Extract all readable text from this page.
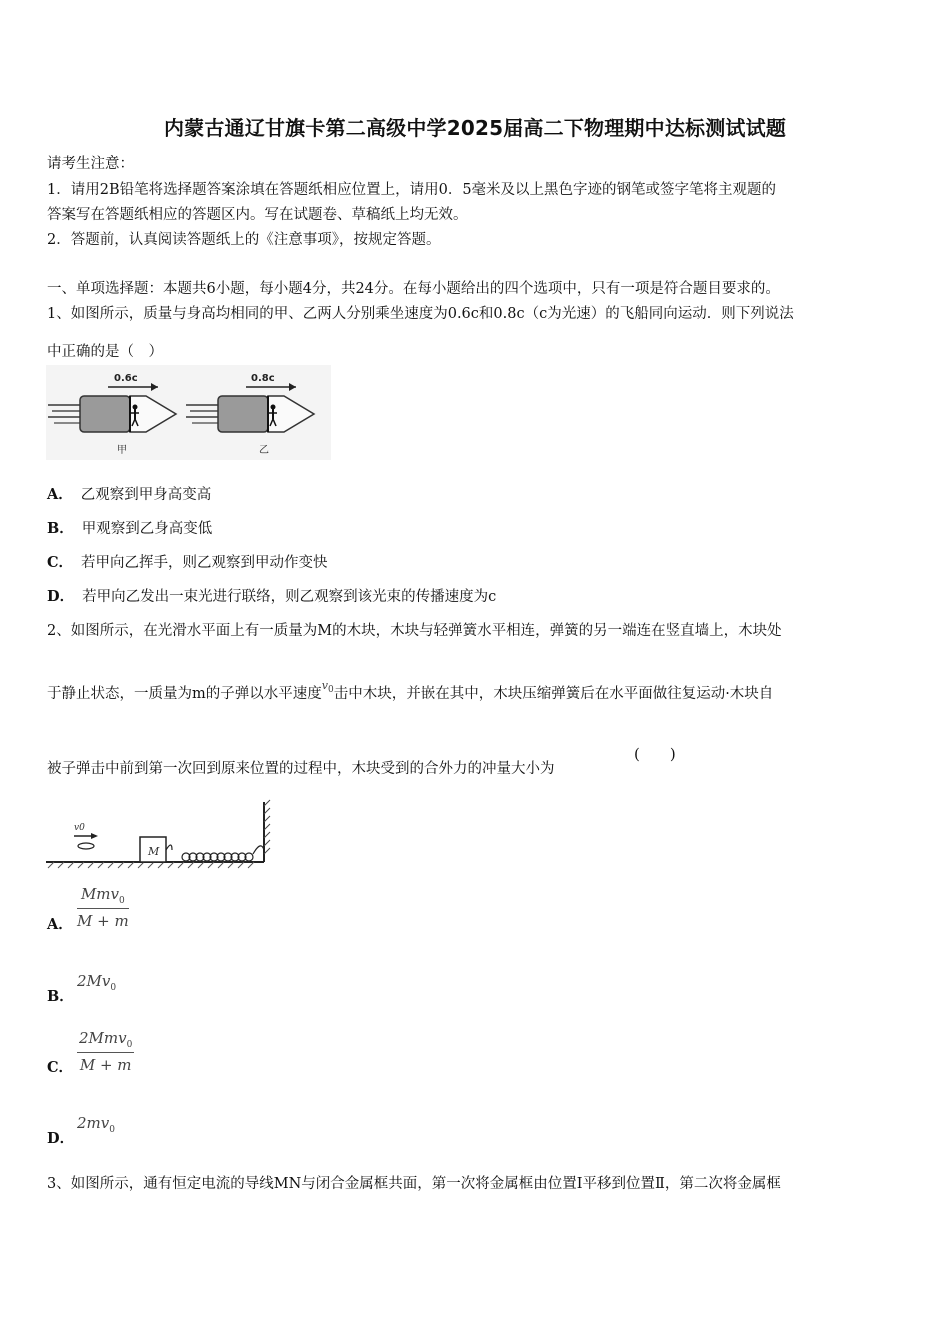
内蒙古通辽甘旗卡第二高级中学2025届高二下物理期中达标测试试题
请考生注意：
1．请用2B铅笔将选择题答案涂填在答题纸相应位置上，请用0．5毫米及以上黑色字迹的钢笔或签字笔将主观题的
答案写在答题纸相应的答题区内。写在试题卷、草稿纸上均无效。
2．答题前，认真阅读答题纸上的《注意事项》，按规定答题。
一、单项选择题：本题共6小题，每小题4分，共24分。在每小题给出的四个选项中，只有一项是符合题目要求的。
1、如图所示，质量与身高均相同的甲、乙两人分别乘坐速度为0.6c和0.8c（c为光速）的飞船同向运动．则下列说法
中正确的是（　）
0.6c
甲
0.8c
乙
A． 乙观察到甲身高变高
B． 甲观察到乙身高变低
C． 若甲向乙挥手，则乙观察到甲动作变快
D． 若甲向乙发出一束光进行联络，则乙观察到该光束的传播速度为c
2、如图所示，在光滑水平面上有一质量为M的木块，木块与轻弹簧水平相连，弹簧的另一端连在竖直墙上，木块处
于静止状态，一质量为m的子弹以水平速度$^{v_0}$击中木块，并嵌在其中，木块压缩弹簧后在水平面做往复运动·木块自
被子弹击中前到第一次回到原来位置的过程中，木块受到的合外力的冲量大小为
(　　)
v0
M
A．
Mmv$_0$
M + m
B．
$2Mv_0$
C．
2Mmv$_0$
M + m
D．
$2mv_0$
3、如图所示，通有恒定电流的导线MN与闭合金属框共面，第一次将金属框由位置Ⅰ平移到位置Ⅱ，第二次将金属框
